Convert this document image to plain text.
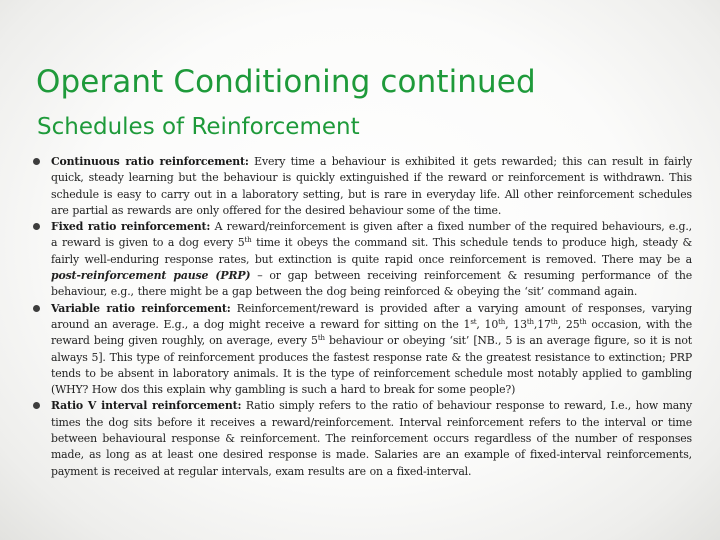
Operant Conditioning continued
Schedules of Reinforcement
Continuous ratio reinforcement: Every time a behaviour is exhibited it gets rewarded; this can result in fairly quick, steady learning but the behaviour is quickly extinguished if the reward or reinforcement is withdrawn. This schedule is easy to carry out in a laboratory setting, but is rare in everyday life. All other reinforcement schedules are partial as rewards are only offered for the desired behaviour some of the time.
Fixed ratio reinforcement: A reward/reinforcement is given after a fixed number of the required behaviours, e.g., a reward is given to a dog every 5th time it obeys the command sit. This schedule tends to produce high, steady & fairly well-enduring response rates, but extinction is quite rapid once reinforcement is removed. There may be a post-reinforcement pause (PRP) – or gap between receiving reinforcement & resuming performance of the behaviour, e.g., there might be a gap between the dog being reinforced & obeying the ‘sit’ command again.
Variable ratio reinforcement: Reinforcement/reward is provided after a varying amount of responses, varying around an average. E.g., a dog might receive a reward for sitting on the 1st, 10th, 13th,17th, 25th occasion, with the reward being given roughly, on average, every 5th behaviour or obeying ‘sit’ [NB., 5 is an average figure, so it is not always 5]. This type of reinforcement produces the fastest response rate & the greatest resistance to extinction; PRP tends to be absent in laboratory animals. It is the type of reinforcement schedule most notably applied to gambling (WHY? How dos this explain why gambling is such a hard to break for some people?)
Ratio V interval reinforcement: Ratio simply refers to the ratio of behaviour response to reward, I.e., how many times the dog sits before it receives a reward/reinforcement. Interval reinforcement refers to the interval or time between behavioural response & reinforcement. The reinforcement occurs regardless of the number of responses made, as long as at least one desired response is made. Salaries are an example of fixed-interval reinforcements, payment is received at regular intervals, exam results are on a fixed-interval.
